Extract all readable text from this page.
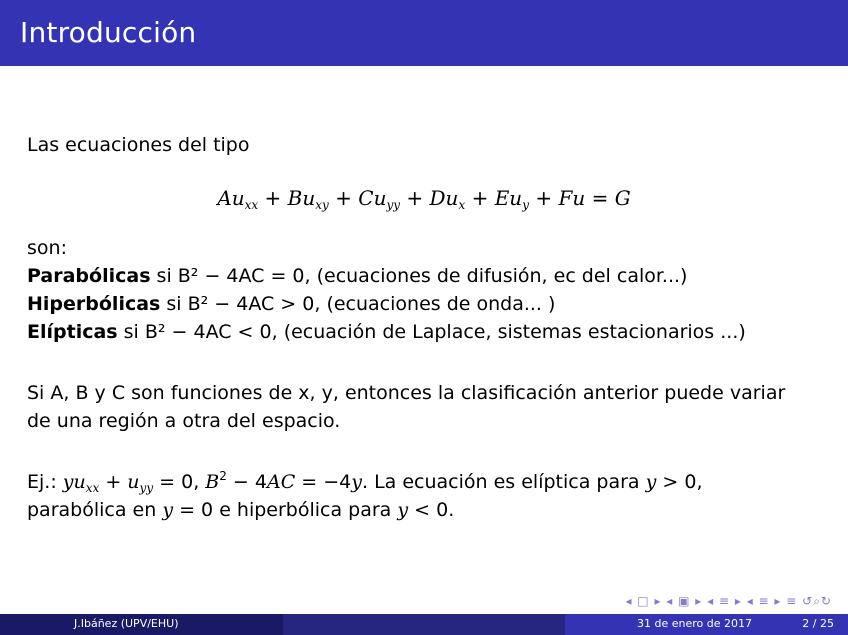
Introducción
Las ecuaciones del tipo
$Au_{xx} + Bu_{xy} + Cu_{yy} + Du_x + Eu_y + Fu = G$
son:
Parabólicas si B² − 4AC = 0, (ecuaciones de difusión, ec del calor...)
Hiperbólicas si B² − 4AC > 0, (ecuaciones de onda... )
Elípticas si B² − 4AC < 0, (ecuación de Laplace, sistemas estacionarios ...)
Si A, B y C son funciones de x, y, entonces la clasificación anterior puede variar
de una región a otra del espacio.
Ej.: $yu_{xx} + u_{yy} = 0$, $B^2 - 4AC = -4y$. La ecuación es elíptica para y > 0,
parabólica en y = 0 e hiperbólica para y < 0.
◂ □ ▸ ◂ ▣ ▸ ◂ ≡ ▸ ◂ ≡ ▸ ≡ ↺⌕↻
J.Ibáñez (UPV/EHU)	31 de enero de 2017	2 / 25
